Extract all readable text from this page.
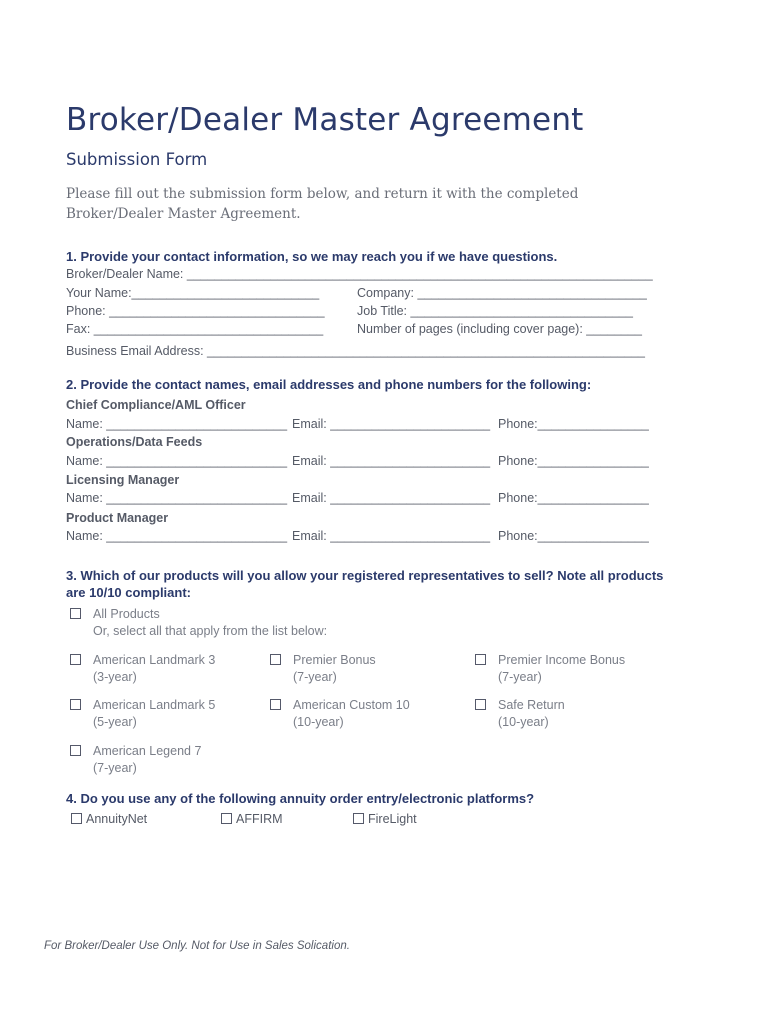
Broker/Dealer Master Agreement
Submission Form
Please fill out the submission form below, and return it with the completed Broker/Dealer Master Agreement.
1. Provide your contact information, so we may reach you if we have questions.
Broker/Dealer Name: ___________________________________________________________________
Your Name:___________________________	Company: _________________________________
Phone: _______________________________	Job Title: ________________________________
Fax: _________________________________	Number of pages (including cover page): ________
Business Email Address: _______________________________________________________________
2. Provide the contact names, email addresses and phone numbers for the following:
Chief Compliance/AML Officer
Name: __________________________ Email: _______________________ Phone:________________
Operations/Data Feeds
Name: __________________________ Email: _______________________ Phone:________________
Licensing Manager
Name: __________________________ Email: _______________________ Phone:________________
Product Manager
Name: __________________________ Email: _______________________ Phone:________________
3. Which of our products will you allow your registered representatives to sell? Note all products
are 10/10 compliant:
All Products
Or, select all that apply from the list below:
American Landmark 3
(3-year)
Premier Bonus
(7-year)
Premier Income Bonus
(7-year)
American Landmark 5
(5-year)
American Custom 10
(10-year)
Safe Return
(10-year)
American Legend 7
(7-year)
4. Do you use any of the following annuity order entry/electronic platforms?
AnnuityNet	AFFIRM	FireLight
For Broker/Dealer Use Only. Not for Use in Sales Solication.
